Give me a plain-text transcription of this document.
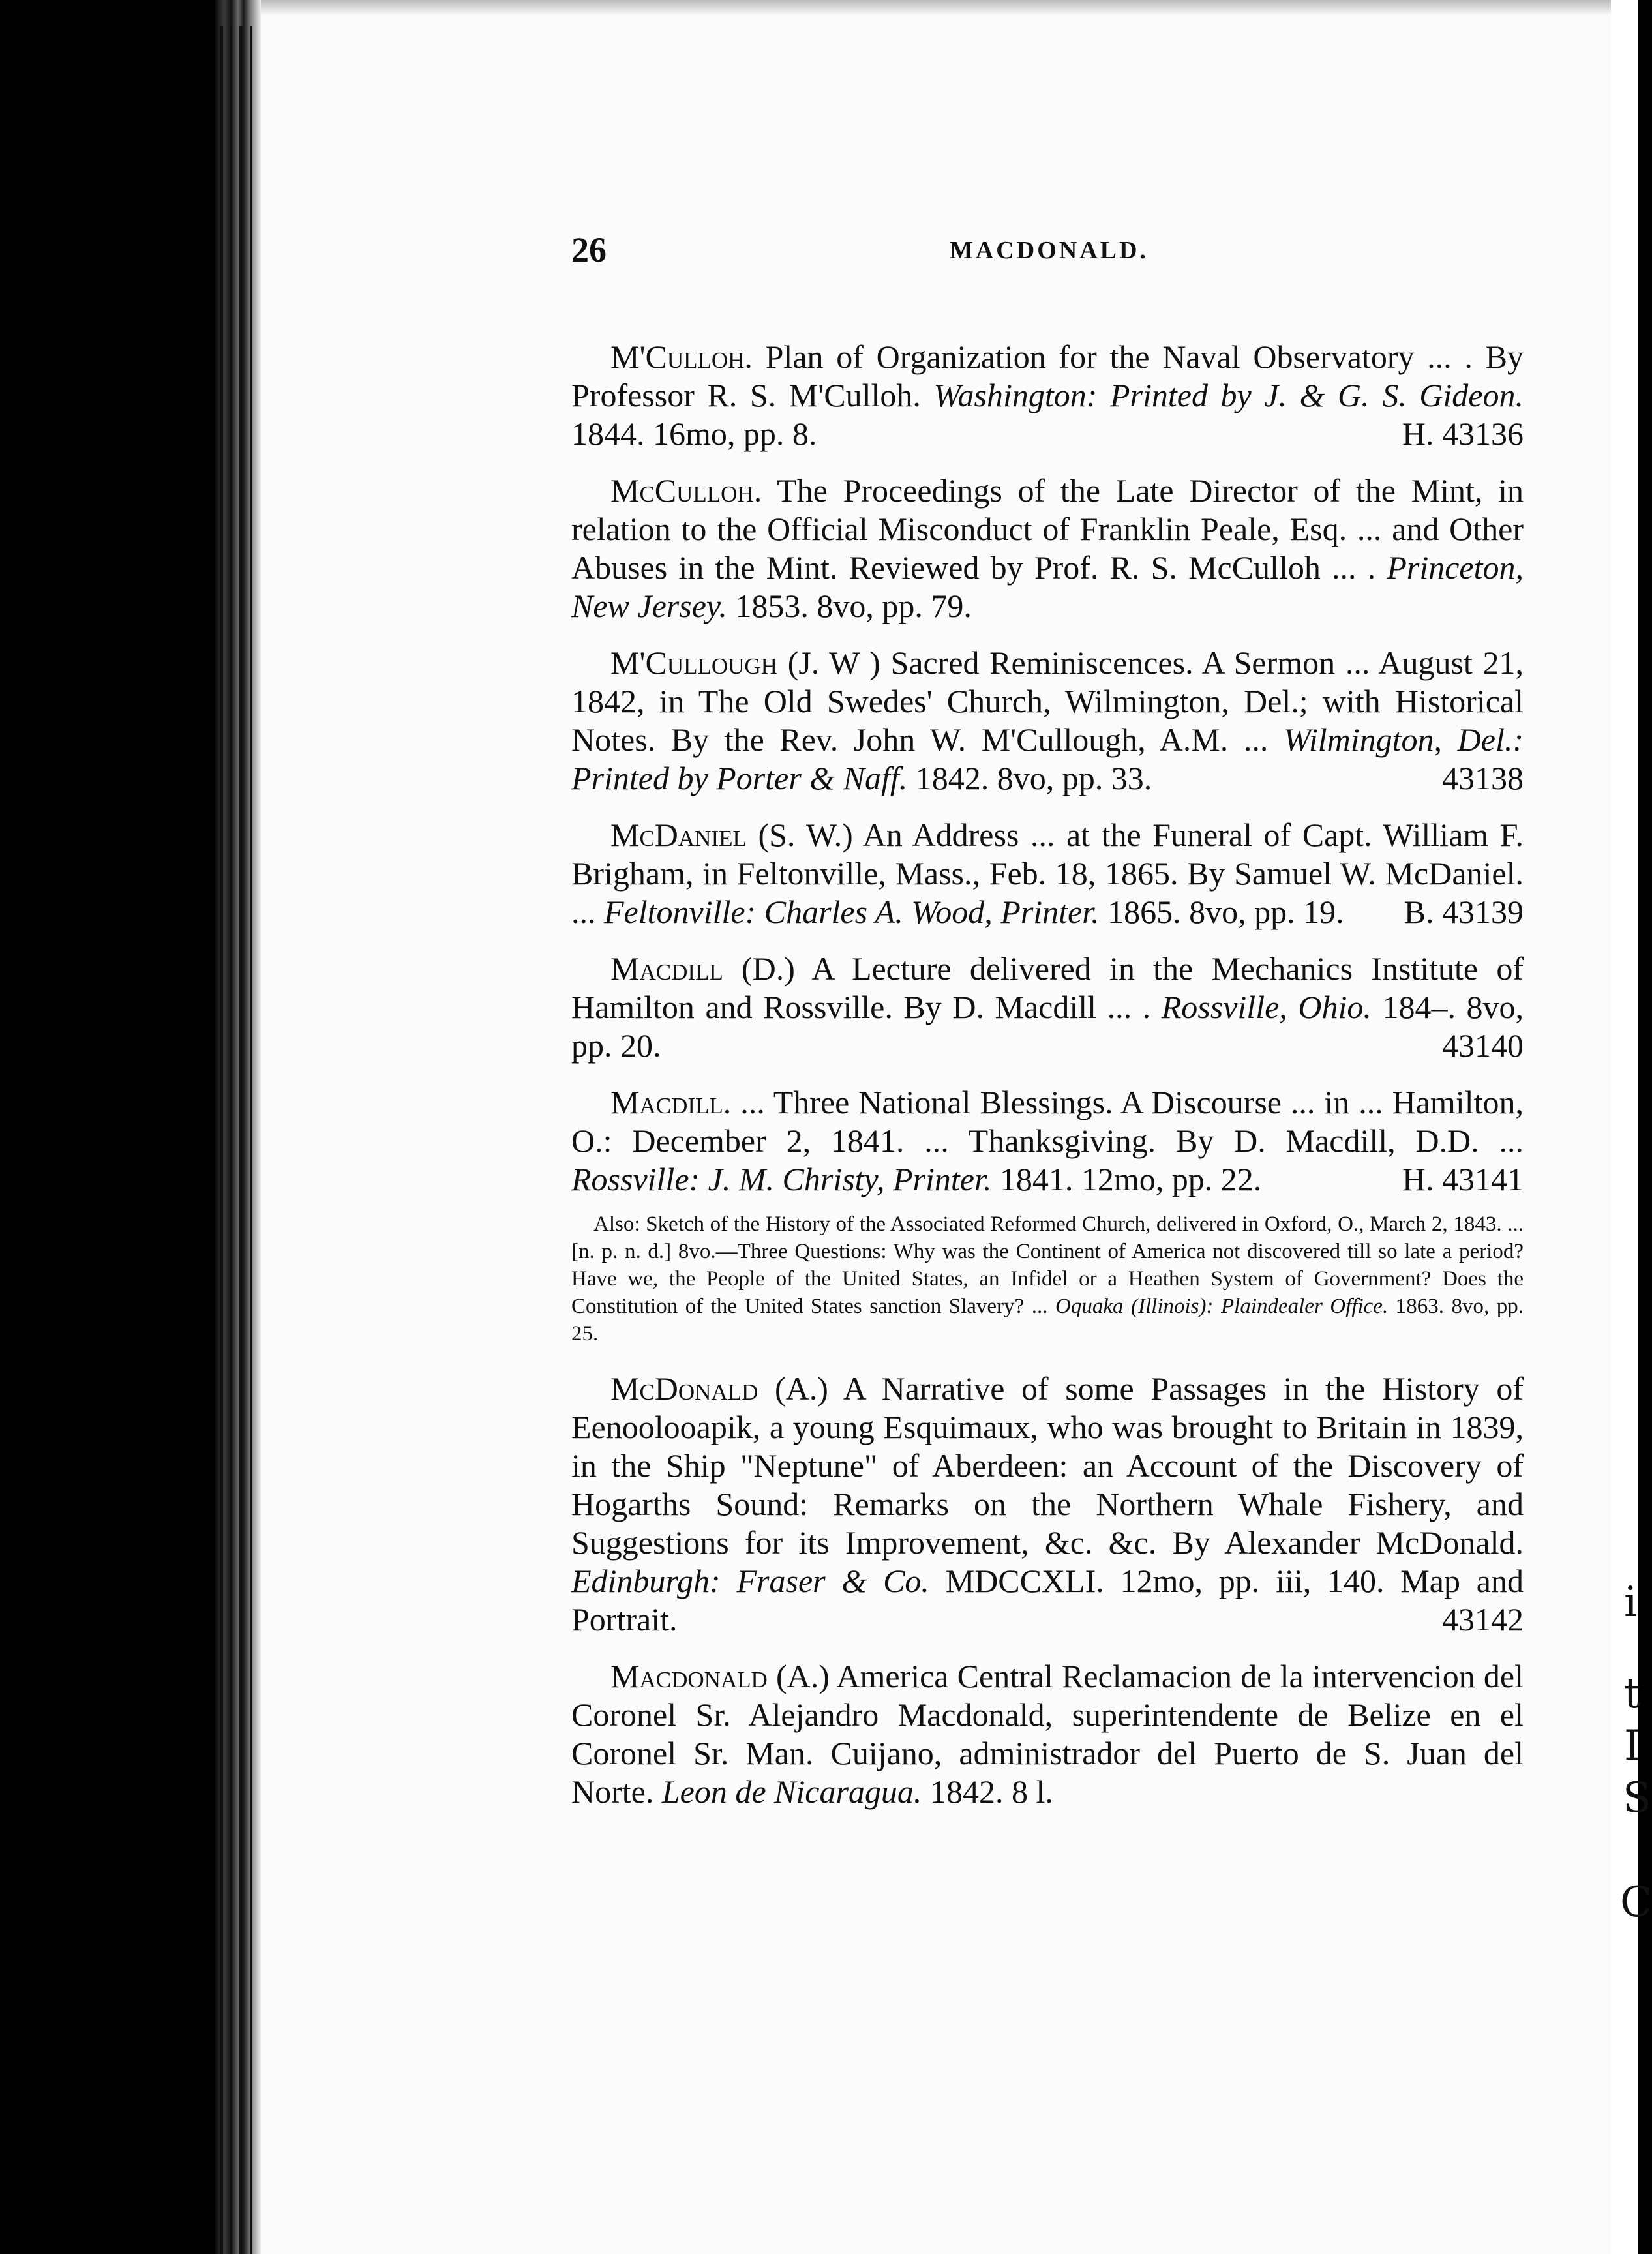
i
t
I
S
C
26	MACDONALD.

M'Culloh. Plan of Organization for the Naval Observatory ... . By Professor R. S. M'Culloh. Washington: Printed by J. & G. S. Gideon. 1844. 16mo, pp. 8.	H. 43136

McCulloh. The Proceedings of the Late Director of the Mint, in relation to the Official Misconduct of Franklin Peale, Esq. ... and Other Abuses in the Mint. Reviewed by Prof. R. S. McCulloh ... . Princeton, New Jersey. 1853. 8vo, pp. 79.

M'Cullough (J. W ) Sacred Reminiscences. A Sermon ... August 21, 1842, in The Old Swedes' Church, Wilmington, Del.; with Historical Notes. By the Rev. John W. M'Cullough, A.M. ... Wilmington, Del.: Printed by Porter & Naff. 1842. 8vo, pp. 33.	43138

McDaniel (S. W.) An Address ... at the Funeral of Capt. William F. Brigham, in Feltonville, Mass., Feb. 18, 1865. By Samuel W. McDaniel. ... Feltonville: Charles A. Wood, Printer. 1865. 8vo, pp. 19.	B. 43139

Macdill (D.) A Lecture delivered in the Mechanics Institute of Hamilton and Rossville. By D. Macdill ... . Rossville, Ohio. 184–. 8vo, pp. 20.	43140

Macdill. ... Three National Blessings. A Discourse ... in ... Hamilton, O.: December 2, 1841. ... Thanksgiving. By D. Macdill, D.D. ... Rossville: J. M. Christy, Printer. 1841. 12mo, pp. 22.	H. 43141

Also: Sketch of the History of the Associated Reformed Church, delivered in Oxford, O., March 2, 1843. ... [n. p. n. d.] 8vo.—Three Questions: Why was the Continent of America not discovered till so late a period? Have we, the People of the United States, an Infidel or a Heathen System of Government? Does the Constitution of the United States sanction Slavery? ... Oquaka (Illinois): Plaindealer Office. 1863. 8vo, pp. 25.

McDonald (A.) A Narrative of some Passages in the History of Eenoolooapik, a young Esquimaux, who was brought to Britain in 1839, in the Ship "Neptune" of Aberdeen: an Account of the Discovery of Hogarths Sound: Remarks on the Northern Whale Fishery, and Suggestions for its Improvement, &c. &c. By Alexander McDonald. Edinburgh: Fraser & Co. MDCCXLI. 12mo, pp. iii, 140. Map and Portrait.	43142

Macdonald (A.) America Central Reclamacion de la intervencion del Coronel Sr. Alejandro Macdonald, superintendente de Belize en el Coronel Sr. Man. Cuijano, administrador del Puerto de S. Juan del Norte. Leon de Nicaragua. 1842. 8 l.
